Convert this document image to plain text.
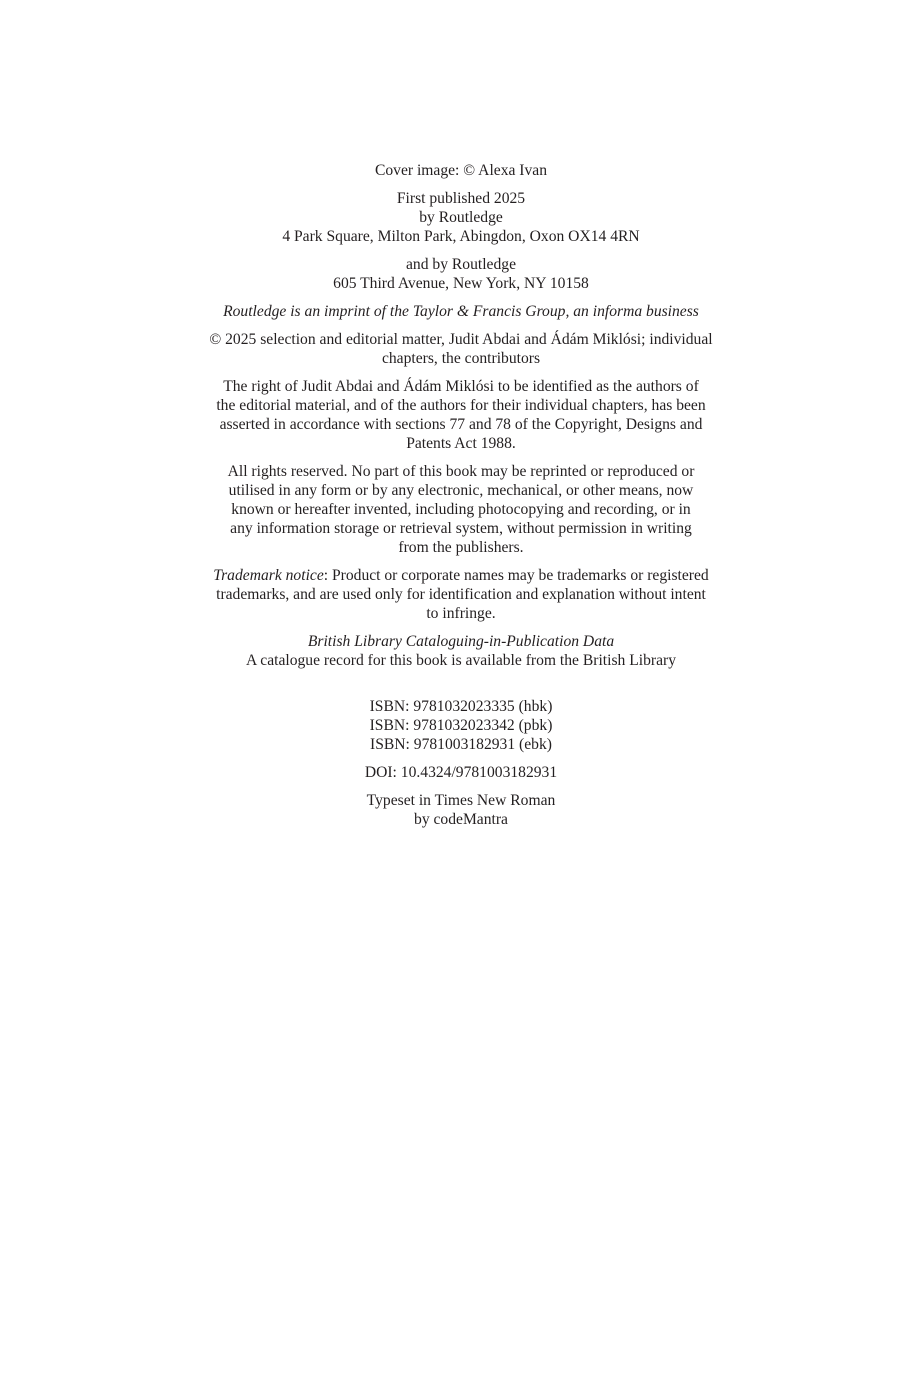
Cover image: © Alexa Ivan
First published 2025
by Routledge
4 Park Square, Milton Park, Abingdon, Oxon OX14 4RN
and by Routledge
605 Third Avenue, New York, NY 10158
Routledge is an imprint of the Taylor & Francis Group, an informa business
© 2025 selection and editorial matter, Judit Abdai and Ádám Miklósi; individual
chapters, the contributors
The right of Judit Abdai and Ádám Miklósi to be identified as the authors of
the editorial material, and of the authors for their individual chapters, has been
asserted in accordance with sections 77 and 78 of the Copyright, Designs and
Patents Act 1988.
All rights reserved. No part of this book may be reprinted or reproduced or
utilised in any form or by any electronic, mechanical, or other means, now
known or hereafter invented, including photocopying and recording, or in
any information storage or retrieval system, without permission in writing
from the publishers.
Trademark notice: Product or corporate names may be trademarks or registered
trademarks, and are used only for identification and explanation without intent
to infringe.
British Library Cataloguing-in-Publication Data
A catalogue record for this book is available from the British Library
ISBN: 9781032023335 (hbk)
ISBN: 9781032023342 (pbk)
ISBN: 9781003182931 (ebk)
DOI: 10.4324/9781003182931
Typeset in Times New Roman
by codeMantra
